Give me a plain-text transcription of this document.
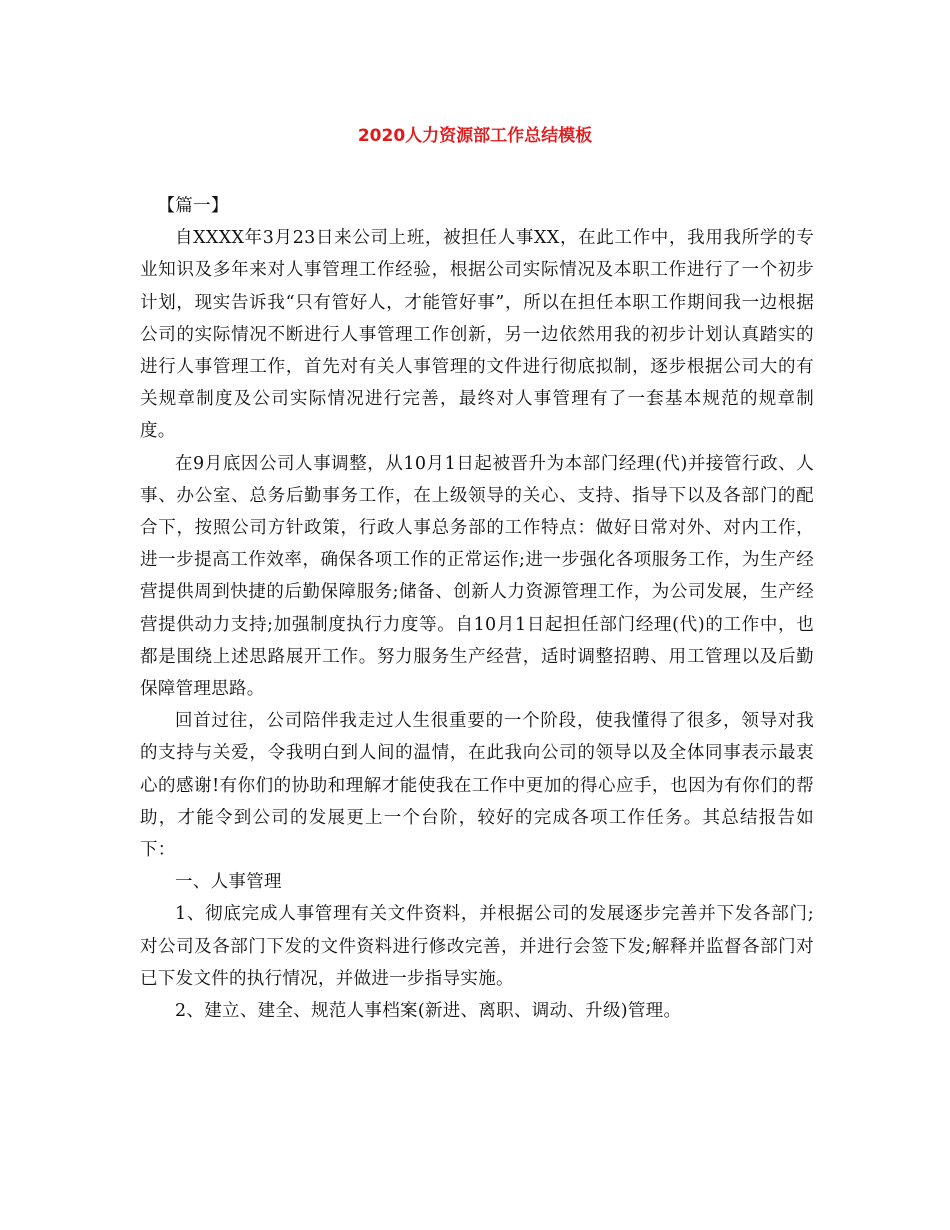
2020人力资源部工作总结模板

【篇一】

自XXXX年3月23日来公司上班，被担任人事XX，在此工作中，我用我所学的专业知识及多年来对人事管理工作经验，根据公司实际情况及本职工作进行了一个初步计划，现实告诉我“只有管好人，才能管好事”，所以在担任本职工作期间我一边根据公司的实际情况不断进行人事管理工作创新，另一边依然用我的初步计划认真踏实的进行人事管理工作，首先对有关人事管理的文件进行彻底拟制，逐步根据公司大的有关规章制度及公司实际情况进行完善，最终对人事管理有了一套基本规范的规章制度。

在9月底因公司人事调整，从10月1日起被晋升为本部门经理(代)并接管行政、人事、办公室、总务后勤事务工作，在上级领导的关心、支持、指导下以及各部门的配合下，按照公司方针政策，行政人事总务部的工作特点：做好日常对外、对内工作，进一步提高工作效率，确保各项工作的正常运作;进一步强化各项服务工作，为生产经营提供周到快捷的后勤保障服务;储备、创新人力资源管理工作，为公司发展，生产经营提供动力支持;加强制度执行力度等。自10月1日起担任部门经理(代)的工作中，也都是围绕上述思路展开工作。努力服务生产经营，适时调整招聘、用工管理以及后勤保障管理思路。

回首过往，公司陪伴我走过人生很重要的一个阶段，使我懂得了很多，领导对我的支持与关爱，令我明白到人间的温情，在此我向公司的领导以及全体同事表示最衷心的感谢!有你们的协助和理解才能使我在工作中更加的得心应手，也因为有你们的帮助，才能令到公司的发展更上一个台阶，较好的完成各项工作任务。其总结报告如下：

一、人事管理

1、彻底完成人事管理有关文件资料，并根据公司的发展逐步完善并下发各部门;对公司及各部门下发的文件资料进行修改完善，并进行会签下发;解释并监督各部门对已下发文件的执行情况，并做进一步指导实施。

2、建立、建全、规范人事档案(新进、离职、调动、升级)管理。
